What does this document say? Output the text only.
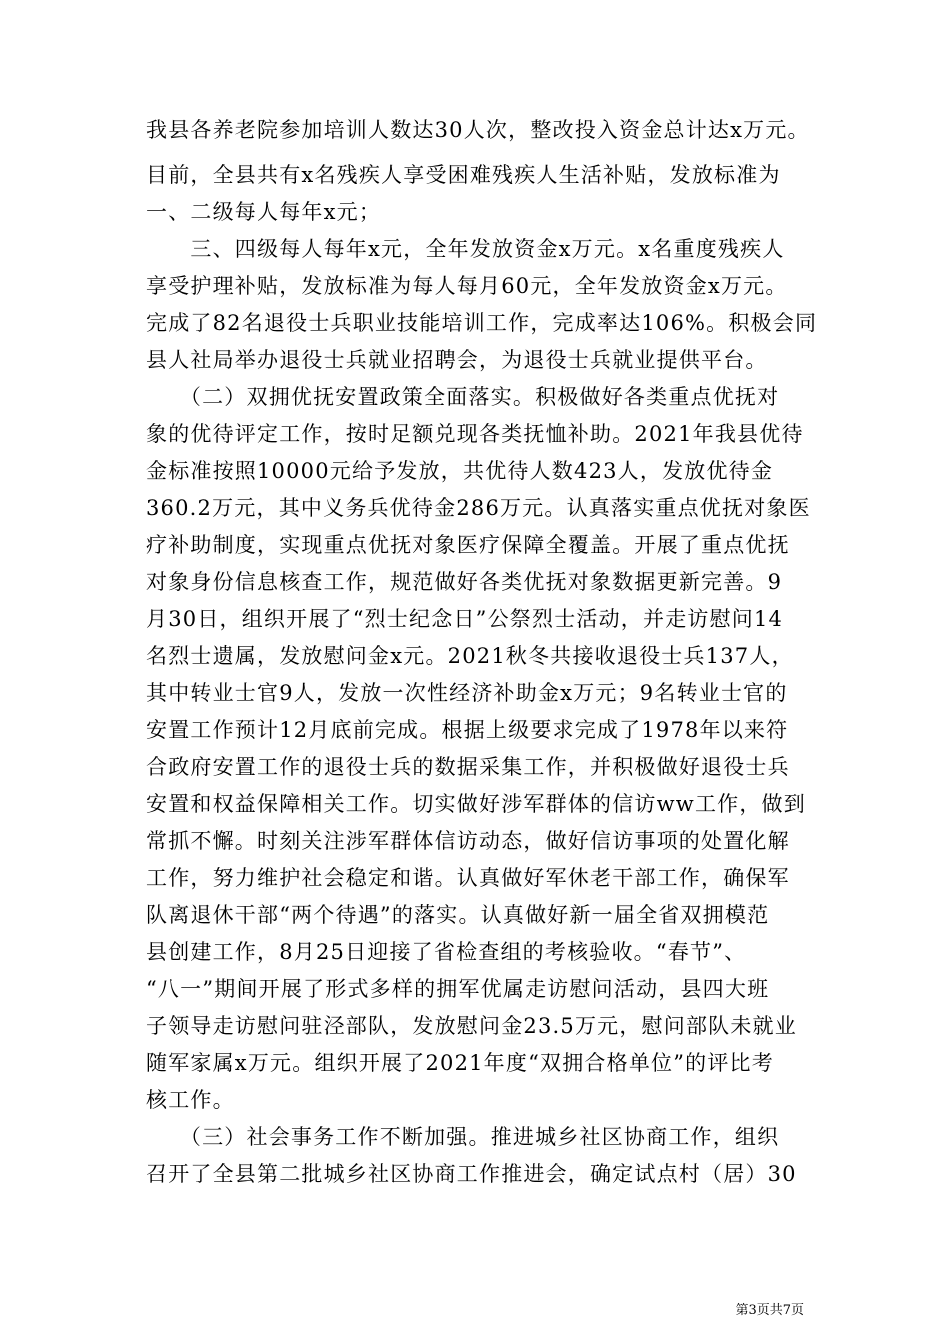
我县各养老院参加培训人数达30人次，整改投入资金总计达x万元。
目前，全县共有x名残疾人享受困难残疾人生活补贴，发放标准为
一、二级每人每年x元；
　　三、四级每人每年x元，全年发放资金x万元。x名重度残疾人
享受护理补贴，发放标准为每人每月60元，全年发放资金x万元。
完成了82名退役士兵职业技能培训工作，完成率达106%。积极会同
县人社局举办退役士兵就业招聘会，为退役士兵就业提供平台。
　　（二）双拥优抚安置政策全面落实。积极做好各类重点优抚对
象的优待评定工作，按时足额兑现各类抚恤补助。2021年我县优待
金标准按照10000元给予发放，共优待人数423人，发放优待金
360.2万元，其中义务兵优待金286万元。认真落实重点优抚对象医
疗补助制度，实现重点优抚对象医疗保障全覆盖。开展了重点优抚
对象身份信息核查工作，规范做好各类优抚对象数据更新完善。9
月30日，组织开展了“烈士纪念日”公祭烈士活动，并走访慰问14
名烈士遗属，发放慰问金x元。2021秋冬共接收退役士兵137人，
其中转业士官9人，发放一次性经济补助金x万元；9名转业士官的
安置工作预计12月底前完成。根据上级要求完成了1978年以来符
合政府安置工作的退役士兵的数据采集工作，并积极做好退役士兵
安置和权益保障相关工作。切实做好涉军群体的信访ww工作，做到
常抓不懈。时刻关注涉军群体信访动态，做好信访事项的处置化解
工作，努力维护社会稳定和谐。认真做好军休老干部工作，确保军
队离退休干部“两个待遇”的落实。认真做好新一届全省双拥模范
县创建工作，8月25日迎接了省检查组的考核验收。“春节”、
“八一”期间开展了形式多样的拥军优属走访慰问活动，县四大班
子领导走访慰问驻泾部队，发放慰问金23.5万元，慰问部队未就业
随军家属x万元。组织开展了2021年度“双拥合格单位”的评比考
核工作。
　　（三）社会事务工作不断加强。推进城乡社区协商工作，组织
召开了全县第二批城乡社区协商工作推进会，确定试点村（居）30
第3页共7页
